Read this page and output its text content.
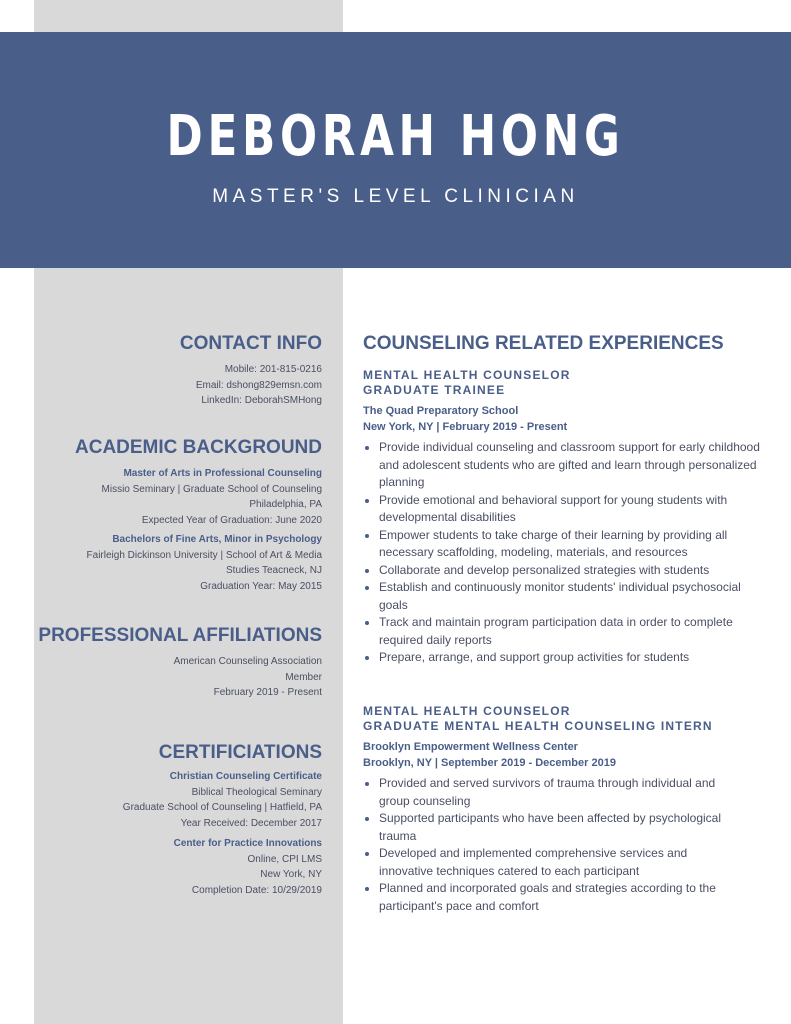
DEBORAH HONG
MASTER'S LEVEL CLINICIAN
CONTACT INFO
Mobile: 201-815-0216
Email: dshong829emsn.com
LinkedIn: DeborahSMHong
ACADEMIC BACKGROUND
Master of Arts in Professional Counseling
Missio Seminary | Graduate School of Counseling
Philadelphia, PA
Expected Year of Graduation: June 2020
Bachelors of Fine Arts, Minor in Psychology
Fairleigh Dickinson University | School of Art & Media
Studies Teacneck, NJ
Graduation Year: May 2015
PROFESSIONAL AFFILIATIONS
American Counseling Association
Member
February 2019 - Present
CERTIFICIATIONS
Christian Counseling Certificate
Biblical Theological Seminary
Graduate School of Counseling | Hatfield, PA
Year Received: December 2017
Center for Practice Innovations
Online, CPI LMS
New York, NY
Completion Date: 10/29/2019
COUNSELING RELATED EXPERIENCES
MENTAL HEALTH COUNSELOR
GRADUATE TRAINEE
The Quad Preparatory School
New York, NY | February 2019 - Present
Provide individual counseling and classroom support for early childhood and adolescent students who are gifted and learn through personalized planning
Provide emotional and behavioral support for young students with developmental disabilities
Empower students to take charge of their learning by providing all necessary scaffolding, modeling, materials, and resources
Collaborate and develop personalized strategies with students
Establish and continuously monitor students' individual psychosocial goals
Track and maintain program participation data in order to complete required daily reports
Prepare, arrange, and support group activities for students
MENTAL HEALTH COUNSELOR
GRADUATE MENTAL HEALTH COUNSELING INTERN
Brooklyn Empowerment Wellness Center
Brooklyn, NY | September 2019 - December 2019
Provided and served survivors of trauma through individual and group counseling
Supported participants who have been affected by psychological trauma
Developed and implemented comprehensive services and innovative techniques catered to each participant
Planned and incorporated goals and strategies according to the participant's pace and comfort
